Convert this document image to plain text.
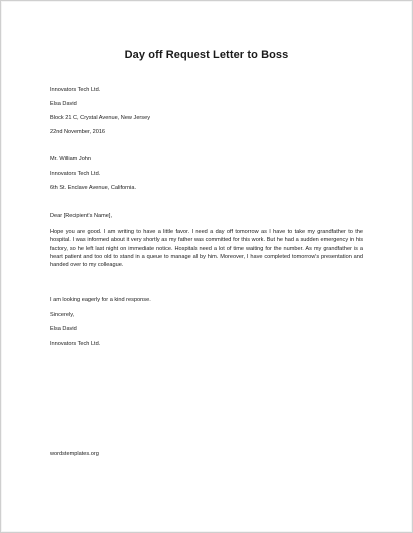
Day off Request Letter to Boss
Innovators Tech Ltd.
Elsa David
Block 21 C, Crystal Avenue, New Jersey
22nd November, 2016
Mr. William John
Innovators Tech Ltd.
6th St. Enclave Avenue, California.
Dear [Recipient's Name],
Hope you are good. I am writing to have a little favor. I need a day off tomorrow as I have to take my grandfather to the hospital. I was informed about it very shortly as my father was committed for this work. But he had a sudden emergency in his factory, so he left last night on immediate notice. Hospitals need a lot of time waiting for the number. As my grandfather is a heart patient and too old to stand in a queue to manage all by him. Moreover, I have completed tomorrow's presentation and handed over to my colleague.
I am looking eagerly for a kind response.
Sincerely,
Elsa David
Innovators Tech Ltd.
wordstemplates.org
